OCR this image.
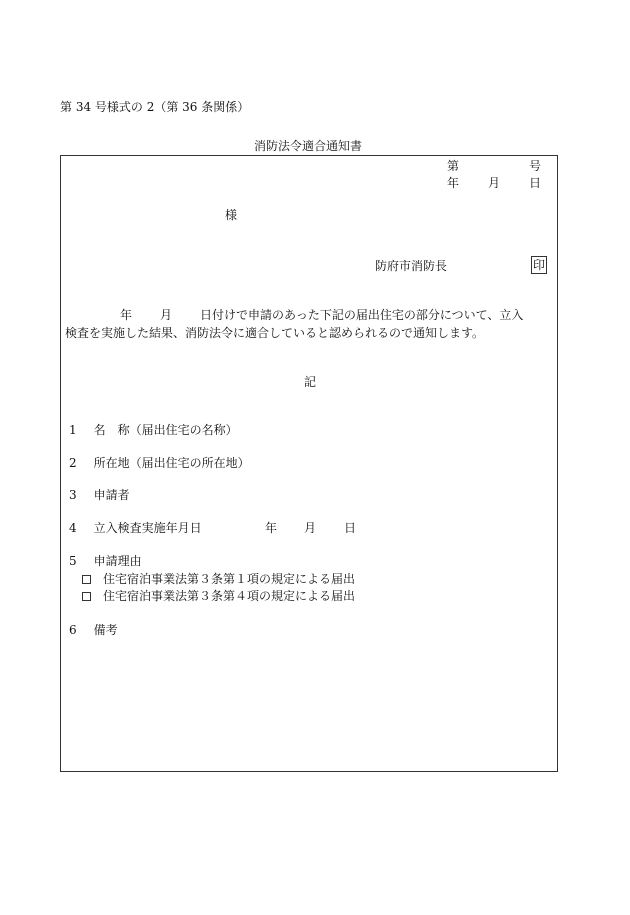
第 34 号様式の 2（第 36 条関係）
消防法令適合通知書
第	号
年 月 日
様
防府市消防長	印
年 月 日付けで申請のあった下記の届出住宅の部分について、立入
検査を実施した結果、消防法令に適合していると認められるので通知します。
記
1 名　称（届出住宅の名称）
2 所在地（届出住宅の所在地）
3 申請者
4 立入検査実施年月日	年 月 日
5 申請理由
住宅宿泊事業法第３条第１項の規定による届出
住宅宿泊事業法第３条第４項の規定による届出
6 備考
